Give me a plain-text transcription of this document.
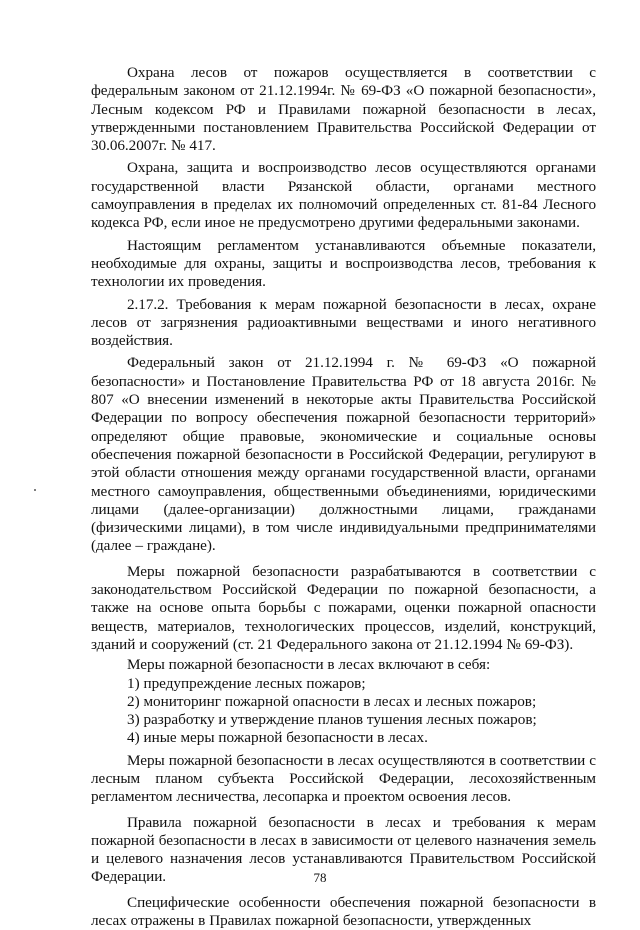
Охрана лесов от пожаров осуществляется в соответствии с федеральным законом от 21.12.1994г. № 69-ФЗ «О пожарной безопасности», Лесным кодексом РФ и Правилами пожарной безопасности в лесах, утвержденными постановлением Правительства Российской Федерации от 30.06.2007г. № 417.

Охрана, защита и воспроизводство лесов осуществляются органами государственной власти Рязанской области, органами местного самоуправления в пределах их полномочий определенных ст. 81-84 Лесного кодекса РФ, если иное не предусмотрено другими федеральными законами.

Настоящим регламентом устанавливаются объемные показатели, необходимые для охраны, защиты и воспроизводства лесов, требования к технологии их проведения.

2.17.2. Требования к мерам пожарной безопасности в лесах, охране лесов от загрязнения радиоактивными веществами и иного негативного воздействия.

Федеральный закон от 21.12.1994 г. № 69-ФЗ «О пожарной безопасности» и Постановление Правительства РФ от 18 августа 2016г. № 807 «О внесении изменений в некоторые акты Правительства Российской Федерации по вопросу обеспечения пожарной безопасности территорий» определяют общие правовые, экономические и социальные основы обеспечения пожарной безопасности в Российской Федерации, регулируют в этой области отношения между органами государственной власти, органами местного самоуправления, общественными объединениями, юридическими лицами (далее-организации) должностными лицами, гражданами (физическими лицами), в том числе индивидуальными предпринимателями (далее – граждане).

Меры пожарной безопасности разрабатываются в соответствии с законодательством Российской Федерации по пожарной безопасности, а также на основе опыта борьбы с пожарами, оценки пожарной опасности веществ, материалов, технологических процессов, изделий, конструкций, зданий и сооружений (ст. 21 Федерального закона от 21.12.1994 № 69-ФЗ).

Меры пожарной безопасности в лесах включают в себя:

1) предупреждение лесных пожаров;
2) мониторинг пожарной опасности в лесах и лесных пожаров;
3) разработку и утверждение планов тушения лесных пожаров;
4) иные меры пожарной безопасности в лесах.

Меры пожарной безопасности в лесах осуществляются в соответствии с лесным планом субъекта Российской Федерации, лесохозяйственным регламентом лесничества, лесопарка и проектом освоения лесов.

Правила пожарной безопасности в лесах и требования к мерам пожарной безопасности в лесах в зависимости от целевого назначения земель и целевого назначения лесов устанавливаются Правительством Российской Федерации.

Специфические особенности обеспечения пожарной безопасности в лесах отражены в Правилах пожарной безопасности, утвержденных

78
